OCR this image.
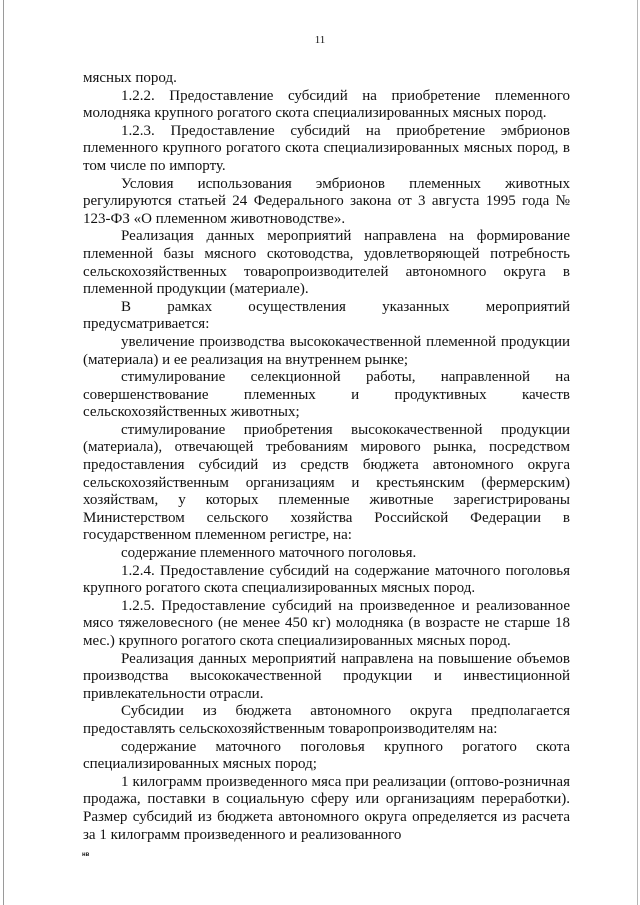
11

мясных пород.

1.2.2. Предоставление субсидий на приобретение племенного молодняка крупного рогатого скота специализированных мясных пород.

1.2.3. Предоставление субсидий на приобретение эмбрионов племенного крупного рогатого скота специализированных мясных пород, в том числе по импорту.

Условия использования эмбрионов племенных животных регулируются статьей 24 Федерального закона от 3 августа 1995 года № 123-ФЗ «О племенном животноводстве».

Реализация данных мероприятий направлена на формирование племенной базы мясного скотоводства, удовлетворяющей потребность сельскохозяйственных товаропроизводителей автономного округа в племенной продукции (материале).

В рамках осуществления указанных мероприятий предусматривается:

увеличение производства высококачественной племенной продукции (материала) и ее реализация на внутреннем рынке;

стимулирование селекционной работы, направленной на совершенствование племенных и продуктивных качеств сельскохозяйственных животных;

стимулирование приобретения высококачественной продукции (материала), отвечающей требованиям мирового рынка, посредством предоставления субсидий из средств бюджета автономного округа сельскохозяйственным организациям и крестьянским (фермерским) хозяйствам, у которых племенные животные зарегистрированы Министерством сельского хозяйства Российской Федерации в государственном племенном регистре, на:

содержание племенного маточного поголовья.

1.2.4. Предоставление субсидий на содержание маточного поголовья крупного рогатого скота специализированных мясных пород.

1.2.5. Предоставление субсидий на произведенное и реализованное мясо тяжеловесного (не менее 450 кг) молодняка (в возрасте не старше 18 мес.) крупного рогатого скота специализированных мясных пород.

Реализация данных мероприятий направлена на повышение объемов производства высококачественной продукции и инвестиционной привлекательности отрасли.

Субсидии из бюджета автономного округа предполагается предоставлять сельскохозяйственным товаропроизводителям на:

содержание маточного поголовья крупного рогатого скота специализированных мясных пород;

1 килограмм произведенного мяса при реализации (оптово-розничная продажа, поставки в социальную сферу или организациям переработки). Размер субсидий из бюджета автономного округа определяется из расчета за 1 килограмм произведенного и реализованного

нв
